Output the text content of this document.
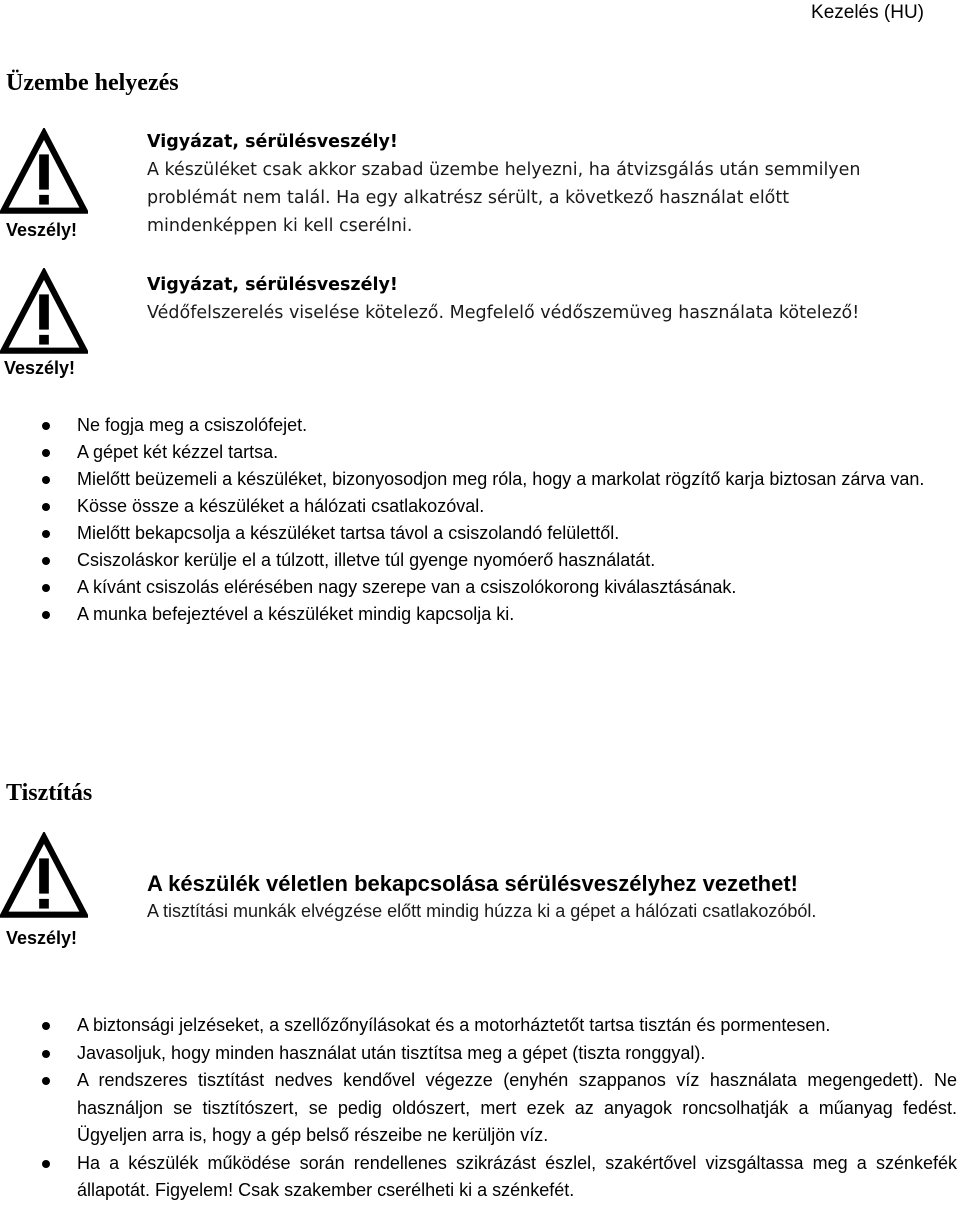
Kezelés (HU)
Üzembe helyezés
Veszély!
Vigyázat, sérülésveszély!
A készüléket csak akkor szabad üzembe helyezni, ha átvizsgálás után semmilyen problémát nem talál. Ha egy alkatrész sérült, a következő használat előtt mindenképpen ki kell cserélni.
Veszély!
Vigyázat, sérülésveszély!
Védőfelszerelés viselése kötelező. Megfelelő védőszemüveg használata kötelező!
Ne fogja meg a csiszolófejet.
A gépet két kézzel tartsa.
Mielőtt beüzemeli a készüléket, bizonyosodjon meg róla, hogy a markolat rögzítő karja biztosan zárva van.
Kösse össze a készüléket a hálózati csatlakozóval.
Mielőtt bekapcsolja a készüléket tartsa távol a csiszolandó felülettől.
Csiszoláskor kerülje el a túlzott, illetve túl gyenge nyomóerő használatát.
A kívánt csiszolás elérésében nagy szerepe van a csiszolókorong kiválasztásának.
A munka befejeztével a készüléket mindig kapcsolja ki.
Tisztítás
Veszély!
A készülék véletlen bekapcsolása sérülésveszélyhez vezethet!
A tisztítási munkák elvégzése előtt mindig húzza ki a gépet a hálózati csatlakozóból.
A biztonsági jelzéseket, a szellőzőnyílásokat és a motorháztetőt tartsa tisztán és pormentesen.
Javasoljuk, hogy minden használat után tisztítsa meg a gépet (tiszta ronggyal).
A rendszeres tisztítást nedves kendővel végezze (enyhén szappanos víz használata megengedett). Ne használjon se tisztítószert, se pedig oldószert, mert ezek az anyagok roncsolhatják a műanyag fedést. Ügyeljen arra is, hogy a gép belső részeibe ne kerüljön víz.
Ha a készülék működése során rendellenes szikrázást észlel, szakértővel vizsgáltassa meg a szénkefék állapotát. Figyelem! Csak szakember cserélheti ki a szénkefét.
